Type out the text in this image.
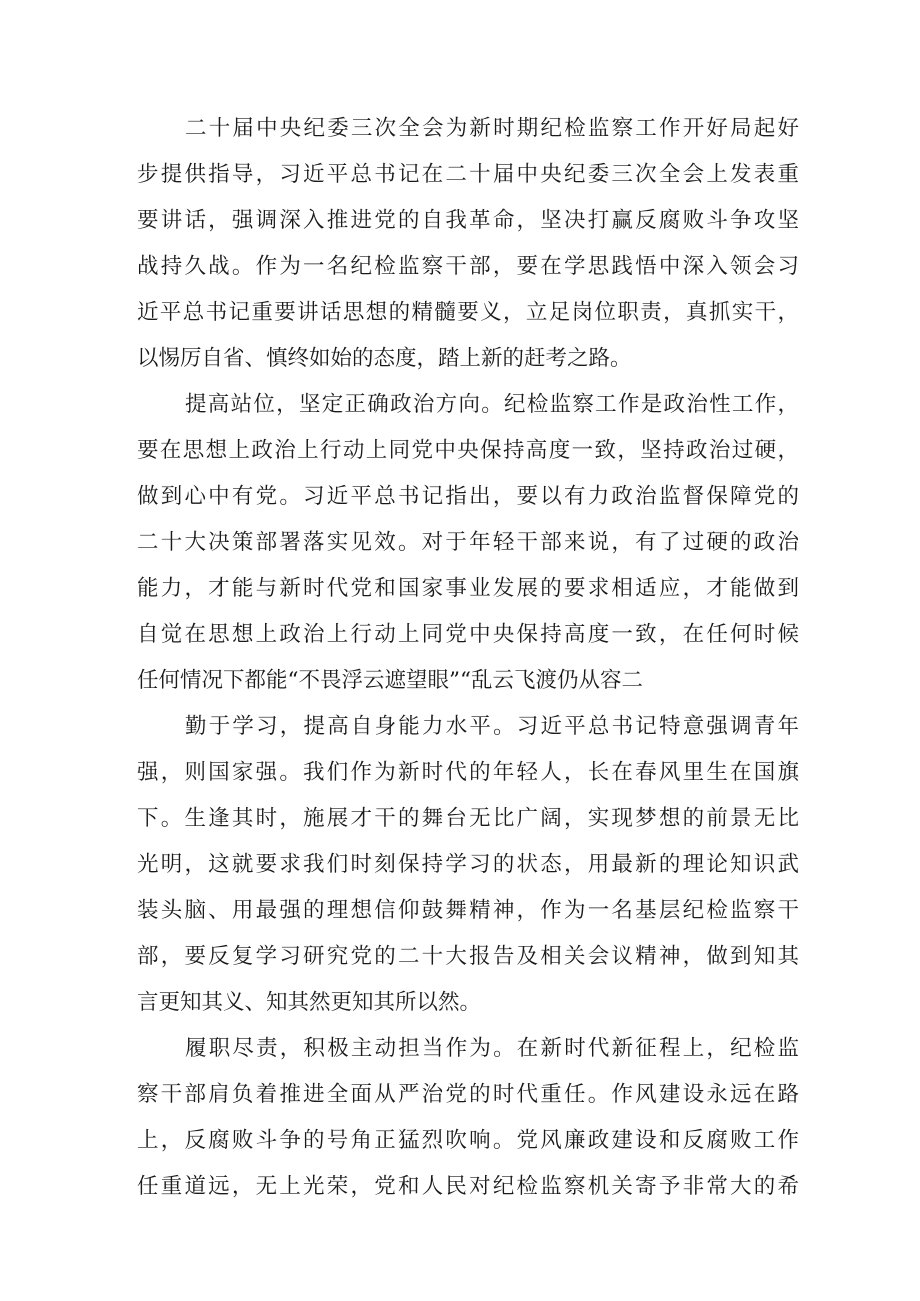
二十届中央纪委三次全会为新时期纪检监察工作开好局起好
步提供指导，习近平总书记在二十届中央纪委三次全会上发表重
要讲话，强调深入推进党的自我革命，坚决打赢反腐败斗争攻坚
战持久战。作为一名纪检监察干部，要在学思践悟中深入领会习
近平总书记重要讲话思想的精髓要义，立足岗位职责，真抓实干，
以惕厉自省、慎终如始的态度，踏上新的赶考之路。
提高站位，坚定正确政治方向。纪检监察工作是政治性工作，
要在思想上政治上行动上同党中央保持高度一致，坚持政治过硬，
做到心中有党。习近平总书记指出，要以有力政治监督保障党的
二十大决策部署落实见效。对于年轻干部来说，有了过硬的政治
能力，才能与新时代党和国家事业发展的要求相适应，才能做到
自觉在思想上政治上行动上同党中央保持高度一致，在任何时候
任何情况下都能“不畏浮云遮望眼”“乱云飞渡仍从容二
勤于学习，提高自身能力水平。习近平总书记特意强调青年
强，则国家强。我们作为新时代的年轻人，长在春风里生在国旗
下。生逢其时，施展才干的舞台无比广阔，实现梦想的前景无比
光明，这就要求我们时刻保持学习的状态，用最新的理论知识武
装头脑、用最强的理想信仰鼓舞精神，作为一名基层纪检监察干
部，要反复学习研究党的二十大报告及相关会议精神，做到知其
言更知其义、知其然更知其所以然。
履职尽责，积极主动担当作为。在新时代新征程上，纪检监
察干部肩负着推进全面从严治党的时代重任。作风建设永远在路
上，反腐败斗争的号角正猛烈吹响。党风廉政建设和反腐败工作
任重道远，无上光荣，党和人民对纪检监察机关寄予非常大的希
